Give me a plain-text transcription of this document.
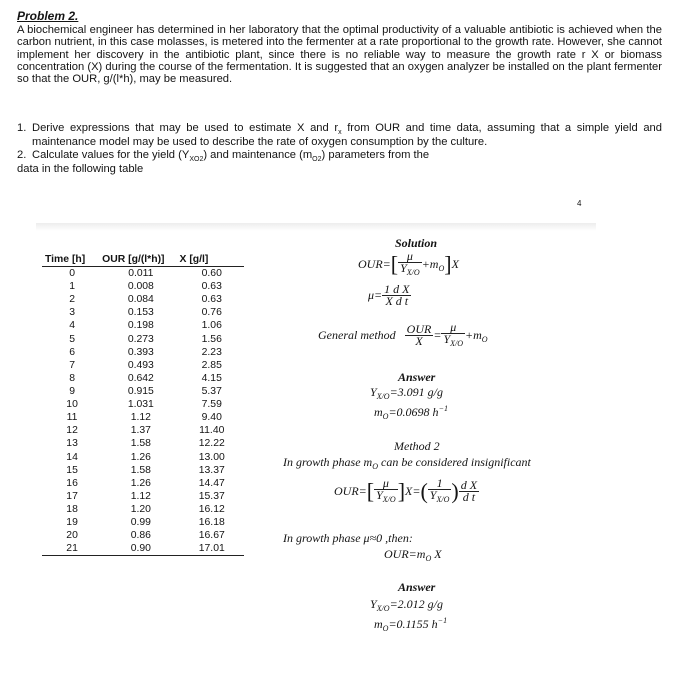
Problem 2.
A biochemical engineer has determined in her laboratory that the optimal productivity of a valuable antibiotic is achieved when the carbon nutrient, in this case molasses, is metered into the fermenter at a rate proportional to the growth rate. However, she cannot implement her discovery in the antibiotic plant, since there is no reliable way to measure the growth rate r X or biomass concentration (X) during the course of the fermentation. It is suggested that an oxygen analyzer be installed on the plant fermenter so that the OUR, g/(l*h), may be measured.
1. Derive expressions that may be used to estimate X and $r_x$ from OUR and time data, assuming that a simple yield and maintenance model may be used to describe the rate of oxygen consumption by the culture.
2. Calculate values for the yield $(Y_{XO2})$ and maintenance $(m_{O2})$ parameters from the
data in the following table
4
Time [h]	OUR [g/(l*h)]	X [g/l]
0	0.011	0.60
1	0.008	0.63
2	0.084	0.63
3	0.153	0.76
4	0.198	1.06
5	0.273	1.56
6	0.393	2.23
7	0.493	2.85
8	0.642	4.15
9	0.915	5.37
10	1.031	7.59
11	1.12	9.40
12	1.37	11.40
13	1.58	12.22
14	1.26	13.00
15	1.58	13.37
16	1.26	14.47
17	1.12	15.37
18	1.20	16.12
19	0.99	16.18
20	0.86	16.67
21	0.90	17.01
Solution
$OUR=[ \frac{\mu}{Y_{X/O}} +m_O]X$
$\mu= \frac{\text{1 d X}}{\text{X d t}}$
General method $\frac{\text{OUR}}{X} = \frac{\mu}{Y_{X/O}} +m_O$
Answer
$Y_{X/O}=3.091$ g/g
$m_O=0.0698$ $h^{-1}$
Method 2
In growth phase $m_O$ can be considered insignificant
$OUR=[ \frac{\mu}{Y_{X/O}} ]X=( \frac{1}{Y_{X/O}}$ ) $\frac{\text{d X}}{\text{d t}}$
In growth phase μ≈0 ,then:
$OUR=m_O$ X
Answer
$Y_{X/O}=2.012$ g/g
$m_O=0.1155$ $h^{-1}$
